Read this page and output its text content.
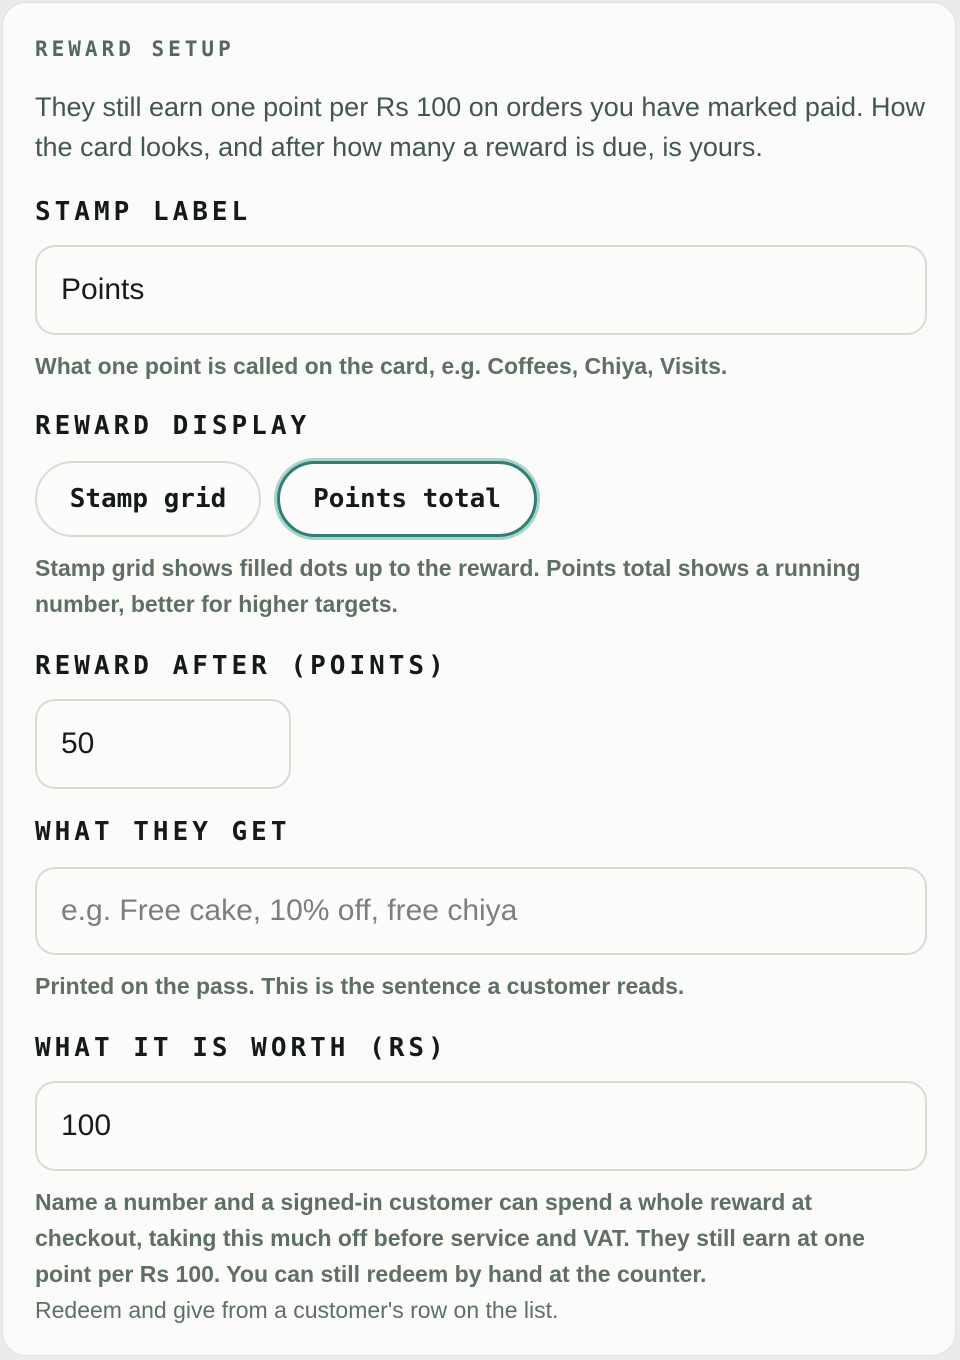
REWARD SETUP
They still earn one point per Rs 100 on orders you have marked paid. How the card looks, and after how many a reward is due, is yours.
STAMP LABEL
Points
What one point is called on the card, e.g. Coffees, Chiya, Visits.
REWARD DISPLAY
Stamp grid	Points total
Stamp grid shows filled dots up to the reward. Points total shows a running number, better for higher targets.
REWARD AFTER (POINTS)
50
WHAT THEY GET
e.g. Free cake, 10% off, free chiya
Printed on the pass. This is the sentence a customer reads.
WHAT IT IS WORTH (RS)
100
Name a number and a signed-in customer can spend a whole reward at checkout, taking this much off before service and VAT. They still earn at one point per Rs 100. You can still redeem by hand at the counter.
Redeem and give from a customer's row on the list.
